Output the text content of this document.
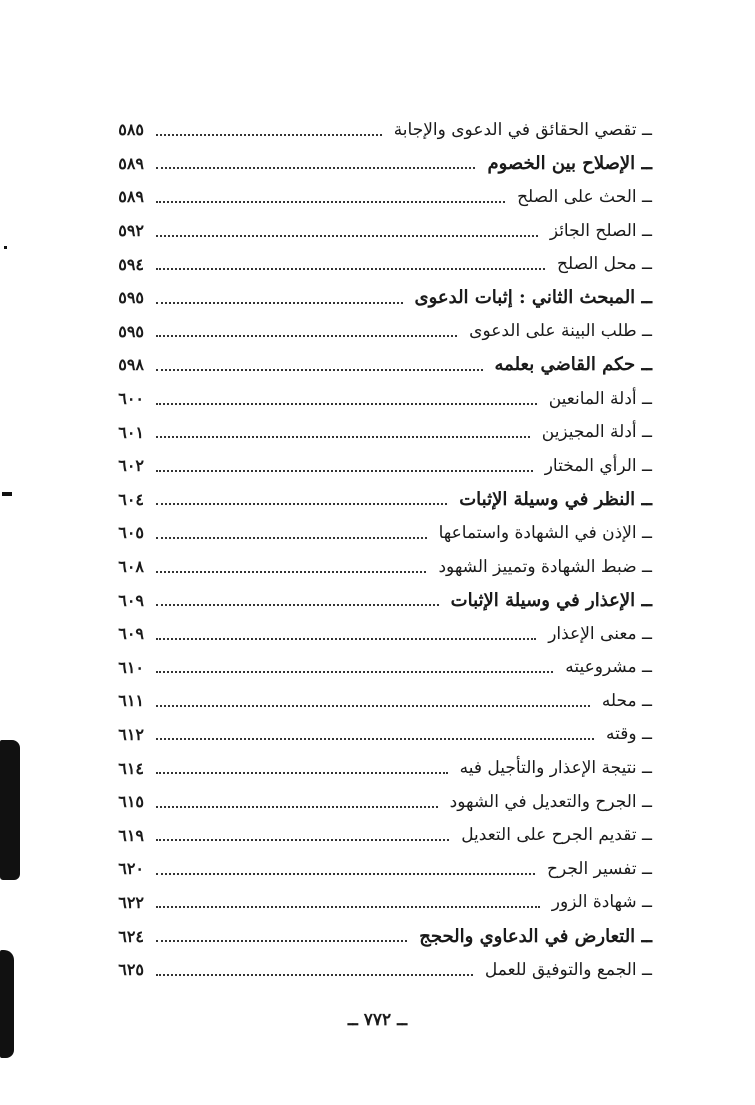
ــ تقصي الحقائق في الدعوى والإجابة
٥٨٥
ــ الإصلاح بين الخصوم
٥٨٩
ــ الحث على الصلح
٥٨٩
ــ الصلح الجائز
٥٩٢
ــ محل الصلح
٥٩٤
ــ المبحث الثاني : إثبات الدعوى
٥٩٥
ــ طلب البينة على الدعوى
٥٩٥
ــ حكم القاضي بعلمه
٥٩٨
ــ أدلة المانعين
٦٠٠
ــ أدلة المجيزين
٦٠١
ــ الرأي المختار
٦٠٢
ــ النظر في وسيلة الإثبات
٦٠٤
ــ الإذن في الشهادة واستماعها
٦٠٥
ــ ضبط الشهادة وتمييز الشهود
٦٠٨
ــ الإعذار في وسيلة الإثبات
٦٠٩
ــ معنى الإعذار
٦٠٩
ــ مشروعيته
٦١٠
ــ محله
٦١١
ــ وقته
٦١٢
ــ نتيجة الإعذار والتأجيل فيه
٦١٤
ــ الجرح والتعديل في الشهود
٦١٥
ــ تقديم الجرح على التعديل
٦١٩
ــ تفسير الجرح
٦٢٠
ــ شهادة الزور
٦٢٢
ــ التعارض في الدعاوي والحجج
٦٢٤
ــ الجمع والتوفيق للعمل
٦٢٥
ــ ٧٧٢ ــ
